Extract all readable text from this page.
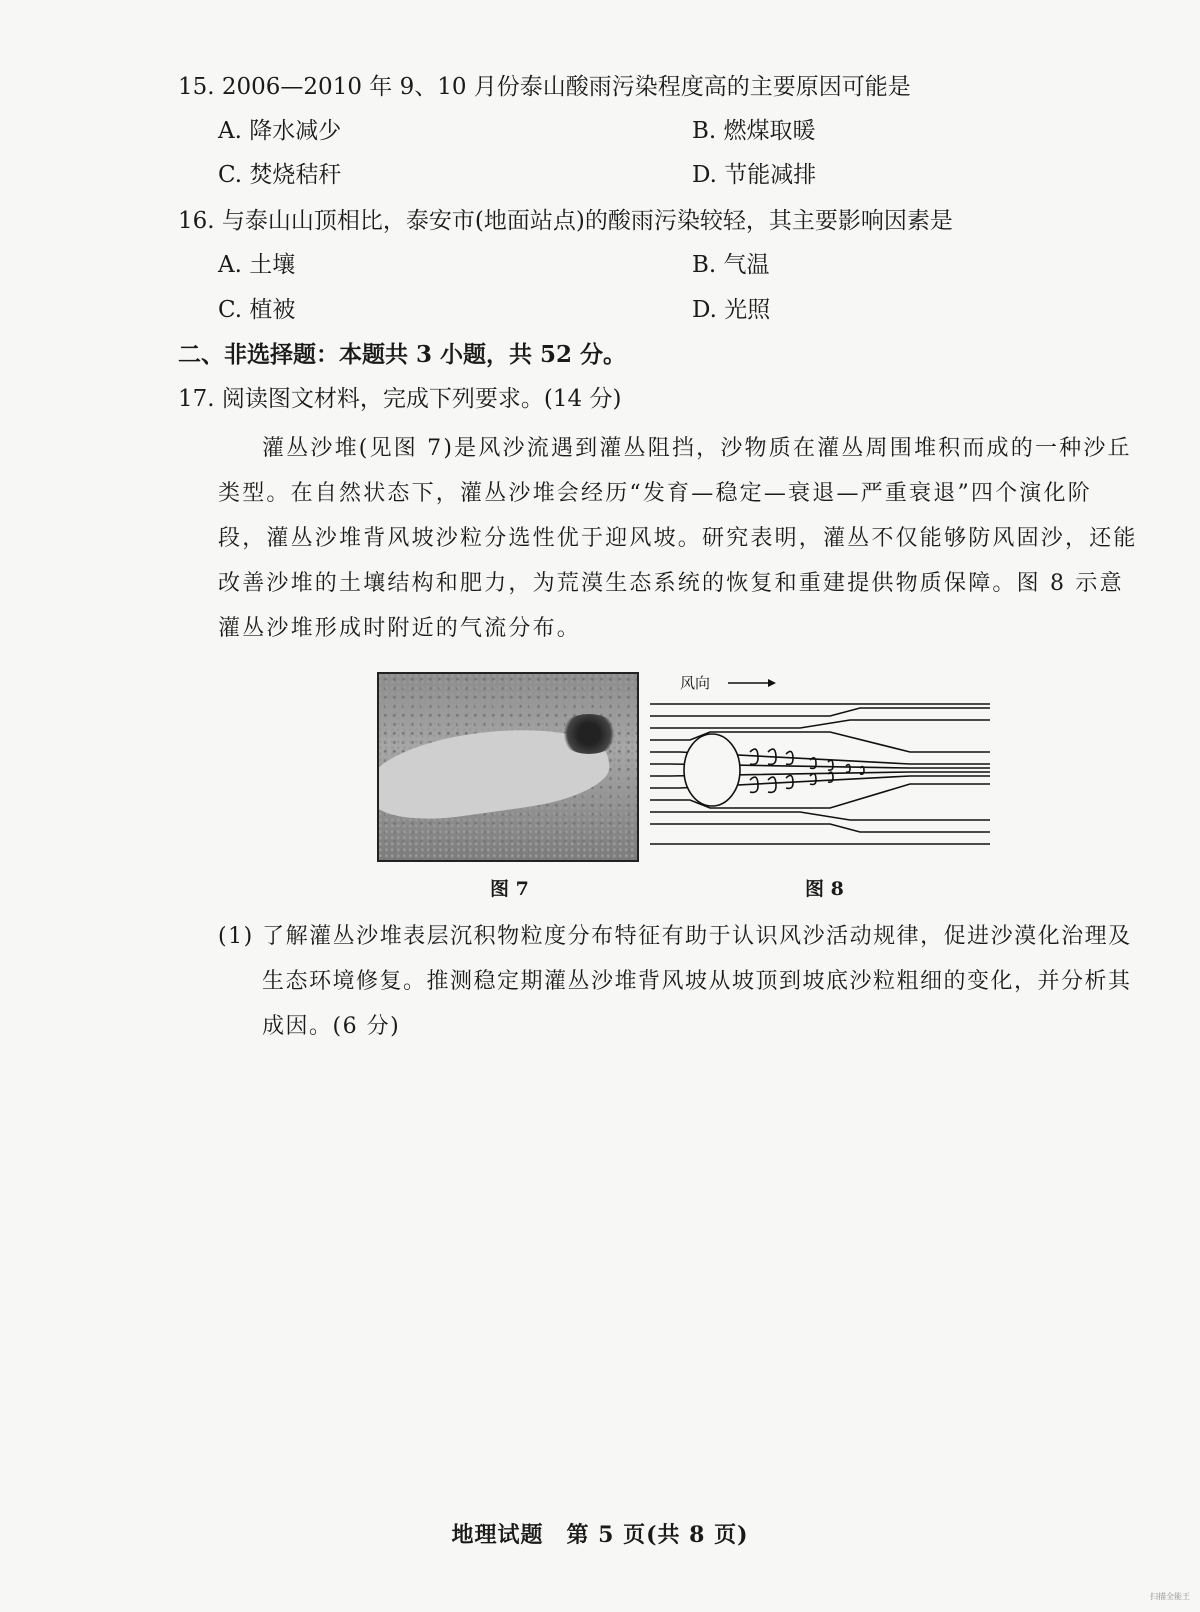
15. 2006—2010 年 9、10 月份泰山酸雨污染程度高的主要原因可能是
A. 降水减少	B. 燃煤取暖
C. 焚烧秸秆	D. 节能减排
16. 与泰山山顶相比，泰安市(地面站点)的酸雨污染较轻，其主要影响因素是
A. 土壤	B. 气温
C. 植被	D. 光照
二、非选择题：本题共 3 小题，共 52 分。
17. 阅读图文材料，完成下列要求。(14 分)
灌丛沙堆(见图 7)是风沙流遇到灌丛阻挡，沙物质在灌丛周围堆积而成的一种沙丘类型。在自然状态下，灌丛沙堆会经历“发育—稳定—衰退—严重衰退”四个演化阶段，灌丛沙堆背风坡沙粒分选性优于迎风坡。研究表明，灌丛不仅能够防风固沙，还能改善沙堆的土壤结构和肥力，为荒漠生态系统的恢复和重建提供物质保障。图 8 示意灌丛沙堆形成时附近的气流分布。
风向
图 7	图 8
(1) 了解灌丛沙堆表层沉积物粒度分布特征有助于认识风沙活动规律，促进沙漠化治理及
生态环境修复。推测稳定期灌丛沙堆背风坡从坡顶到坡底沙粒粗细的变化，并分析其成因。(6 分)
地理试题　第 5 页(共 8 页)
扫描全能王
